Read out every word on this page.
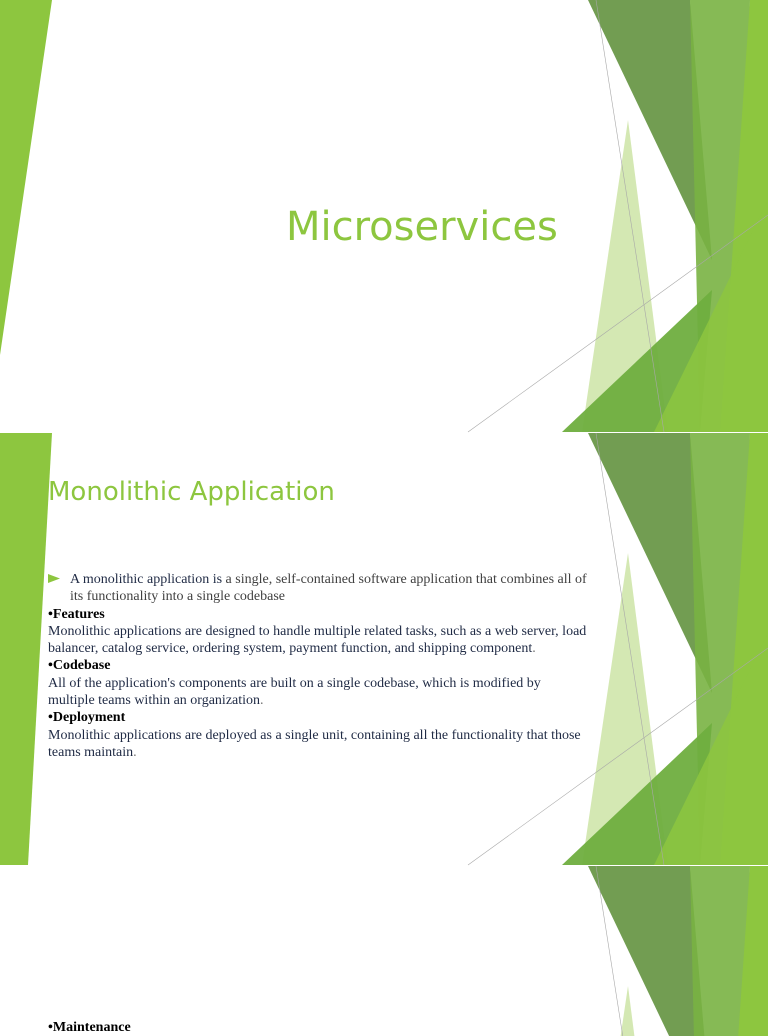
Microservices
Monolithic Application

A monolithic application is a single, self-contained software application that combines all of its functionality into a single codebase

•Features

Monolithic applications are designed to handle multiple related tasks, such as a web server, load balancer, catalog service, ordering system, payment function, and shipping component.

•Codebase

All of the application's components are built on a single codebase, which is modified by multiple teams within an organization.

•Deployment

Monolithic applications are deployed as a single unit, containing all the functionality that those teams maintain.

•Maintenance
